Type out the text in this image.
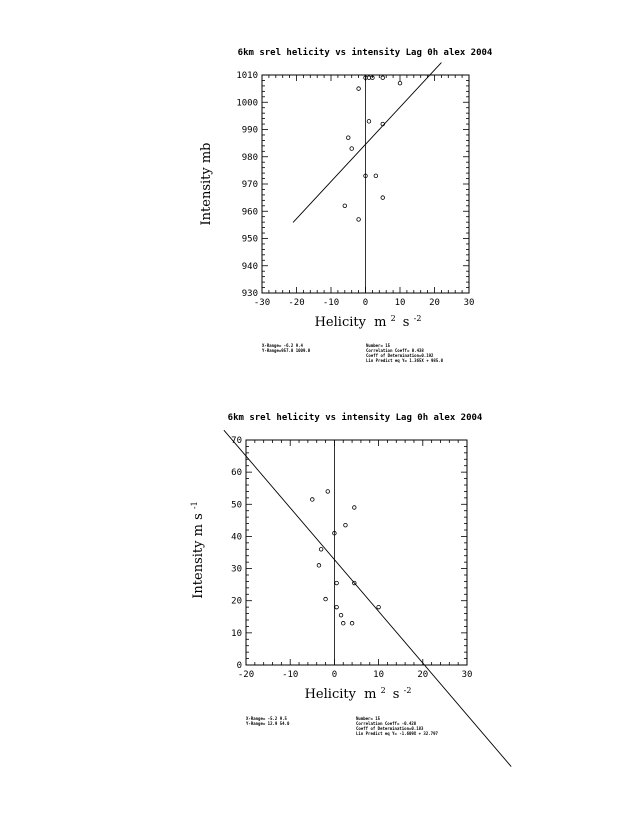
6km srel helicity vs intensity Lag 0h alex 2004
-30 -20 -10	0	10	20	30
930
940
950
960
970
980
990
1000
1010
Intensity mb
Helicity m $^2$ s $^{-2}$
X-Range= -6.2 9.4
Y-Range=957.0 1009.0
Number= 15
Correlation Coeff= 0.438
Coeff of Determination=0.192
Lin Predict eq Y= 1.365X + 985.0
6km srel helicity vs intensity Lag 0h alex 2004
-20	-10	0	10	20	30
0
10
20
30
40
50
60
70
Intensity m s $^{-1}$
Helicity m $^2$ s $^{-2}$
X-Range= -5.2 9.5
Y-Range= 12.9 54.0
Number= 15
Correlation Coeff= -0.428
Coeff of Determination=0.183
Lin Predict eq Y= -1.609X + 32.797
